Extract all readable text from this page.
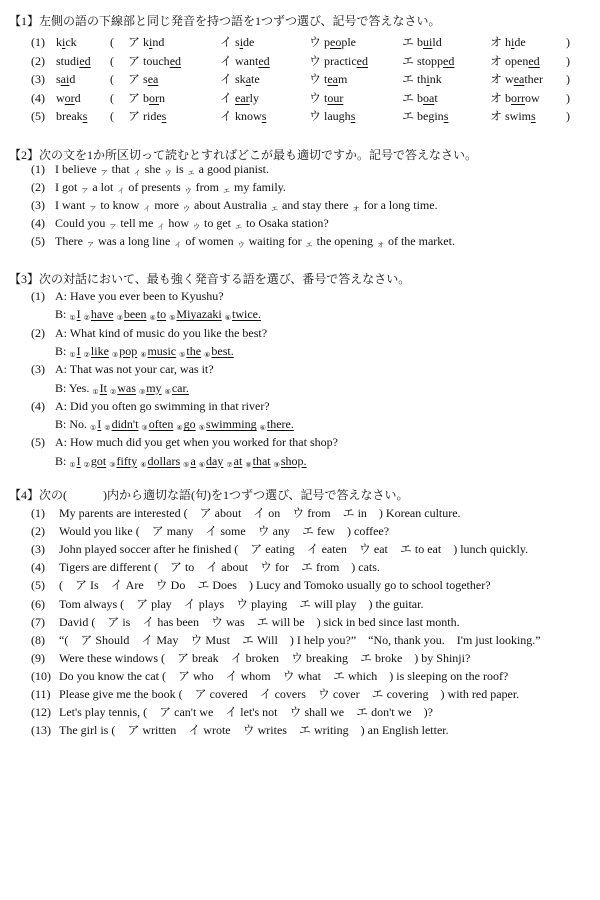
【1】左側の語の下線部と同じ発音を持つ語を1つずつ選び、記号で答えなさい。
(1) kick	( ア kind	イ side	ウ people	エ build	オ hide	)
(2) studied ( ア touched	イ wanted	ウ practiced	エ stopped	オ opened )
(3) said	( ア sea	イ skate	ウ team	エ think	オ weather )
(4) word ( ア born	イ early	ウ tour	エ boat	オ borrow )
(5) breaks ( ア rides	イ knows	ウ laughs	エ begins	オ swims	)
【2】次の文を1か所区切って読むとすればどこが最も適切ですか。記号で答えなさい。
(1) I believe $_ア$ that $_イ$ she $_ウ$ is $_エ$ a good pianist.
(2) I got $_ア$ a lot $_イ$ of presents $_ウ$ from $_エ$ my family.
(3) I want $_ア$ to know $_イ$ more $_ウ$ about Australia $_エ$ and stay there $_オ$ for a long time.
(4) Could you $_ア$ tell me $_イ$ how $_ウ$ to get $_エ$ to Osaka station?
(5) There $_ア$ was a long line $_イ$ of women $_ウ$ waiting for $_エ$ the opening $_オ$ of the market.
【3】次の対話において、最も強く発音する語を選び、番号で答えなさい。
(1) A: Have you ever been to Kyushu?
B: $_①$I $_②$have $_③$been $_④$to $_⑤$Miyazaki $_⑥$twice.
(2) A: What kind of music do you like the best?
B: $_①$I $_②$like $_③$pop $_④$music $_⑤$the $_⑥$best.
(3) A: That was not your car, was it?
B: Yes. $_①$It $_②$was $_③$my $_④$car.
(4) A: Did you often go swimming in that river?
B: No. $_①$I $_②$didn't $_③$often $_④$go $_⑤$swimming $_⑥$there.
(5) A: How much did you get when you worked for that shop?
B: $_①$I $_②$got $_③$fifty $_④$dollars $_⑤$a $_⑥$day $_⑦$at $_⑧$that $_⑨$shop.
【4】次の(	)内から適切な語(句)を1つずつ選び、記号で答えなさい。
(1) My parents are interested (　ア about　イ on　ウ from　エ in　) Korean culture.
(2) Would you like (　ア many　イ some　ウ any　エ few　) coffee?
(3) John played soccer after he finished (　ア eating　イ eaten　ウ eat　エ to eat　) lunch quickly.
(4) Tigers are different (　ア to　イ about　ウ for　エ from　) cats.
(5) (　ア Is　イ Are　ウ Do　エ Does　) Lucy and Tomoko usually go to school together?
(6) Tom always (　ア play　イ plays　ウ playing　エ will play　) the guitar.
(7) David (　ア is　イ has been　ウ was　エ will be　) sick in bed since last month.
(8) “(　ア Should　イ May　ウ Must　エ Will　) I help you?”　“No, thank you.　I'm just looking.”
(9) Were these windows (　ア break　イ broken　ウ breaking　エ broke　) by Shinji?
(10) Do you know the cat (　ア who　イ whom　ウ what　エ which　) is sleeping on the roof?
(11) Please give me the book (　ア covered　イ covers　ウ cover　エ covering　) with red paper.
(12) Let's play tennis, (　ア can't we　イ let's not　ウ shall we　エ don't we　)?
(13) The girl is (　ア written　イ wrote　ウ writes　エ writing　) an English letter.
